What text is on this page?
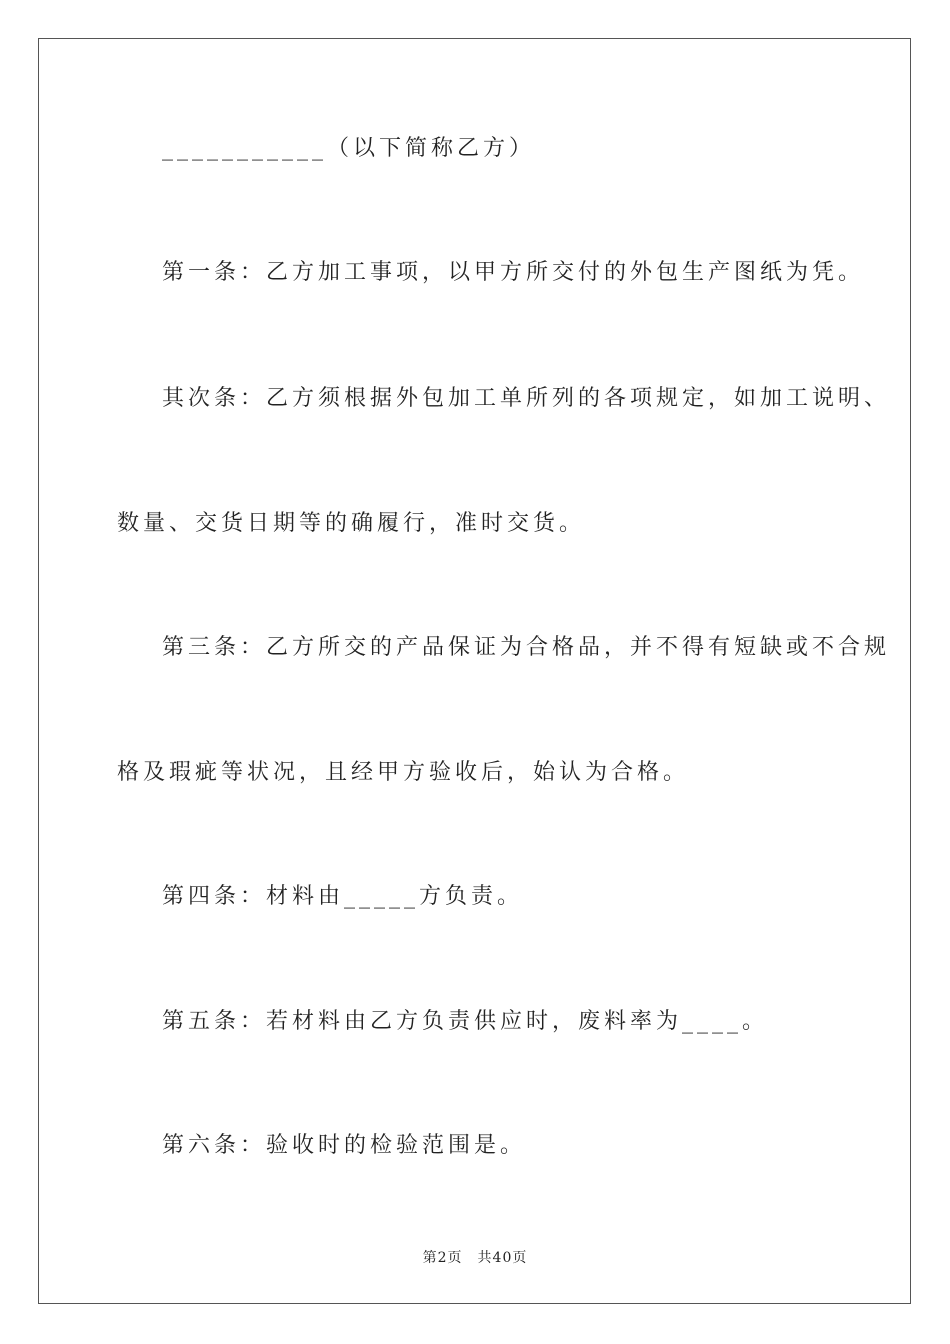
___________（以下简称乙方）
第一条：乙方加工事项，以甲方所交付的外包生产图纸为凭。
其次条：乙方须根据外包加工单所列的各项规定，如加工说明、
数量、交货日期等的确履行，准时交货。
第三条：乙方所交的产品保证为合格品，并不得有短缺或不合规
格及瑕疵等状况，且经甲方验收后，始认为合格。
第四条：材料由_____方负责。
第五条：若材料由乙方负责供应时，废料率为____。
第六条：验收时的检验范围是。
第2页　共40页
